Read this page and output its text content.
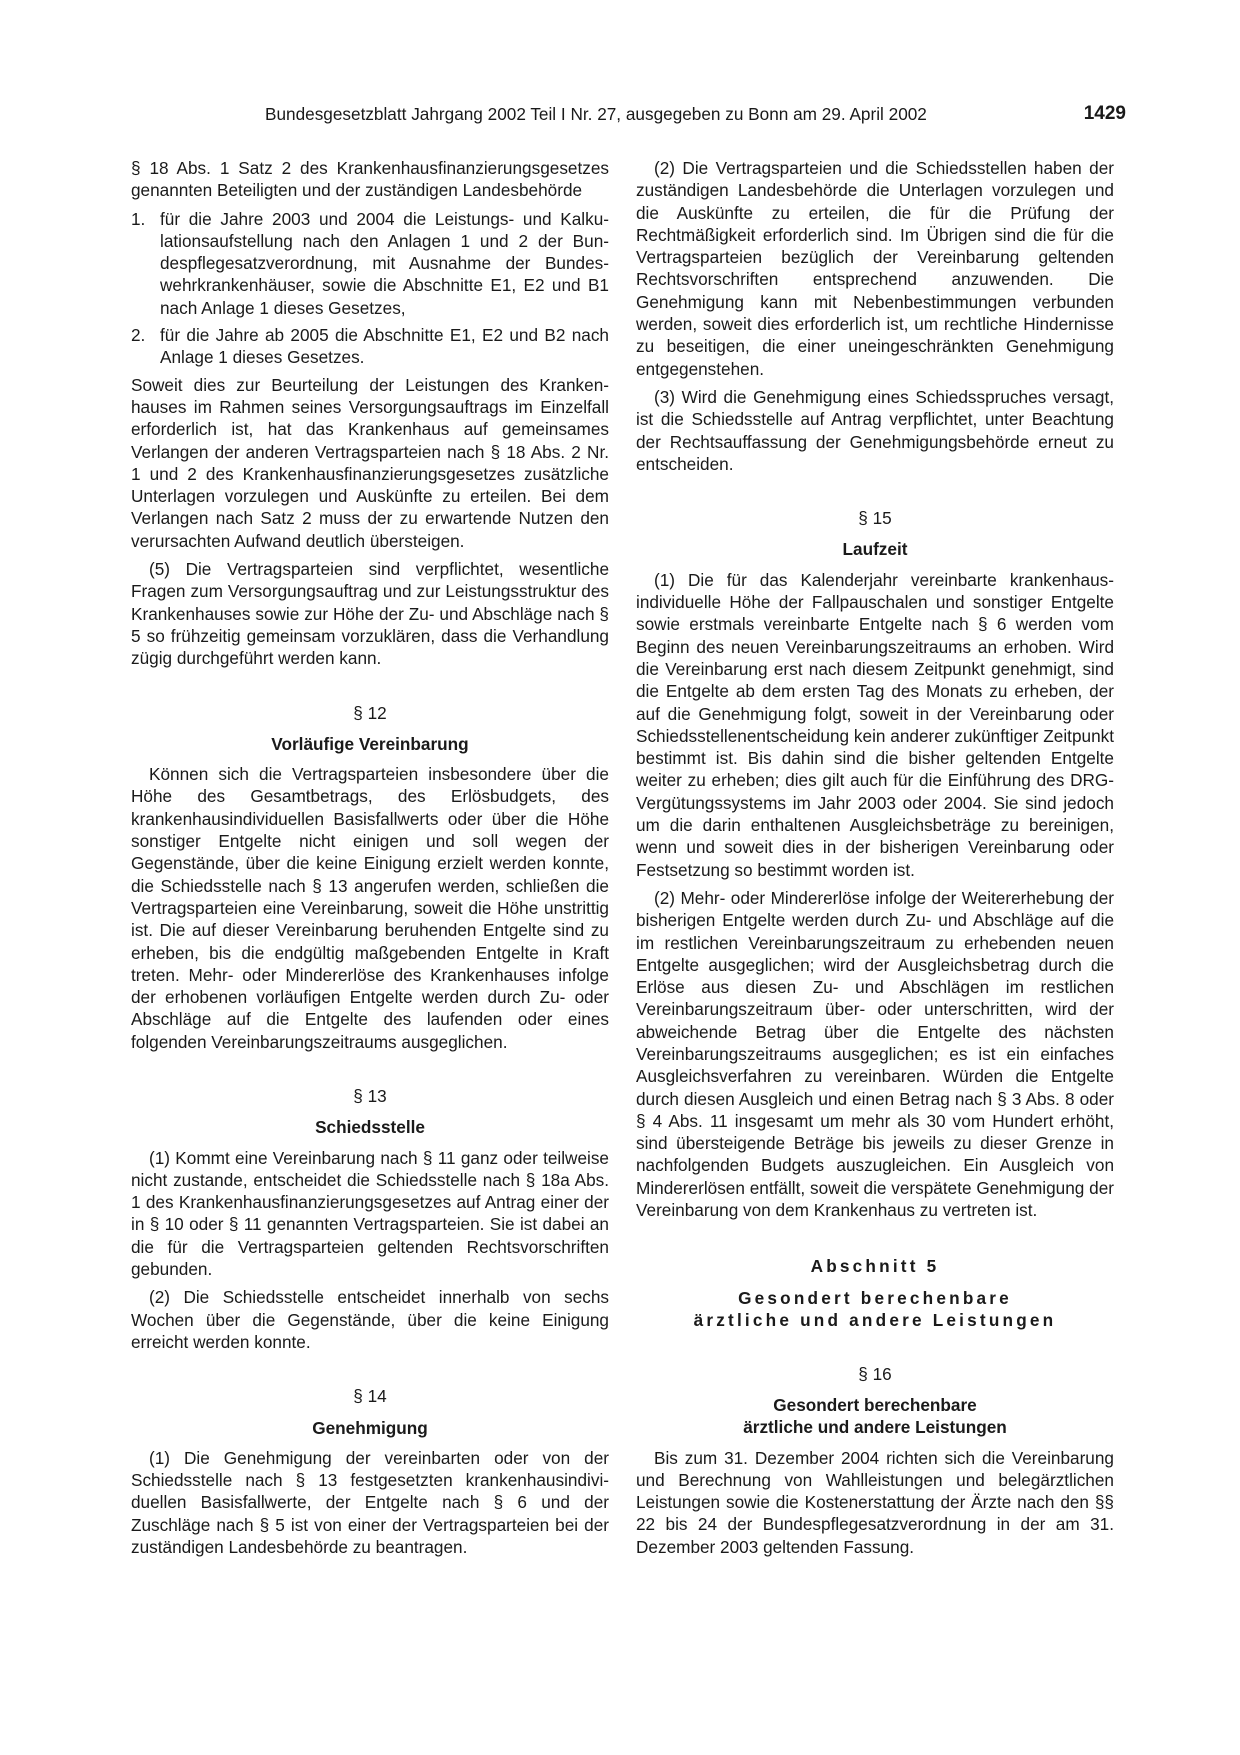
Bundesgesetzblatt Jahrgang 2002 Teil I Nr. 27, ausgegeben zu Bonn am 29. April 2002	1429

§ 18 Abs. 1 Satz 2 des Krankenhausfinanzierungsgesetzes genannten Beteiligten und der zuständigen Landesbehörde

1. für die Jahre 2003 und 2004 die Leistungs- und Kalkulationsaufstellung nach den Anlagen 1 und 2 der Bundespflegesatzverordnung, mit Ausnahme der Bundeswehrkrankenhäuser, sowie die Abschnitte E1, E2 und B1 nach Anlage 1 dieses Gesetzes,
2. für die Jahre ab 2005 die Abschnitte E1, E2 und B2 nach Anlage 1 dieses Gesetzes.

Soweit dies zur Beurteilung der Leistungen des Krankenhauses im Rahmen seines Versorgungsauftrags im Einzelfall erforderlich ist, hat das Krankenhaus auf gemeinsames Verlangen der anderen Vertragsparteien nach § 18 Abs. 2 Nr. 1 und 2 des Krankenhausfinanzierungsgesetzes zusätzliche Unterlagen vorzulegen und Auskünfte zu erteilen. Bei dem Verlangen nach Satz 2 muss der zu erwartende Nutzen den verursachten Aufwand deutlich übersteigen.

(5) Die Vertragsparteien sind verpflichtet, wesentliche Fragen zum Versorgungsauftrag und zur Leistungsstruktur des Krankenhauses sowie zur Höhe der Zu- und Abschläge nach § 5 so frühzeitig gemeinsam vorzuklären, dass die Verhandlung zügig durchgeführt werden kann.

§ 12
Vorläufige Vereinbarung

Können sich die Vertragsparteien insbesondere über die Höhe des Gesamtbetrags, des Erlösbudgets, des krankenhausindividuellen Basisfallwerts oder über die Höhe sonstiger Entgelte nicht einigen und soll wegen der Gegenstände, über die keine Einigung erzielt werden konnte, die Schiedsstelle nach § 13 angerufen werden, schließen die Vertragsparteien eine Vereinbarung, soweit die Höhe unstrittig ist. Die auf dieser Vereinbarung beruhenden Entgelte sind zu erheben, bis die endgültig maßgebenden Entgelte in Kraft treten. Mehr- oder Mindererlöse des Krankenhauses infolge der erhobenen vorläufigen Entgelte werden durch Zu- oder Abschläge auf die Entgelte des laufenden oder eines folgenden Vereinbarungszeitraums ausgeglichen.

§ 13
Schiedsstelle

(1) Kommt eine Vereinbarung nach § 11 ganz oder teilweise nicht zustande, entscheidet die Schiedsstelle nach § 18a Abs. 1 des Krankenhausfinanzierungsgesetzes auf Antrag einer der in § 10 oder § 11 genannten Vertragsparteien. Sie ist dabei an die für die Vertragsparteien geltenden Rechtsvorschriften gebunden.

(2) Die Schiedsstelle entscheidet innerhalb von sechs Wochen über die Gegenstände, über die keine Einigung erreicht werden konnte.

§ 14
Genehmigung

(1) Die Genehmigung der vereinbarten oder von der Schiedsstelle nach § 13 festgesetzten krankenhausindividuellen Basisfallwerte, der Entgelte nach § 6 und der Zuschläge nach § 5 ist von einer der Vertragsparteien bei der zuständigen Landesbehörde zu beantragen.

(2) Die Vertragsparteien und die Schiedsstellen haben der zuständigen Landesbehörde die Unterlagen vorzulegen und die Auskünfte zu erteilen, die für die Prüfung der Rechtmäßigkeit erforderlich sind. Im Übrigen sind die für die Vertragsparteien bezüglich der Vereinbarung geltenden Rechtsvorschriften entsprechend anzuwenden. Die Genehmigung kann mit Nebenbestimmungen verbunden werden, soweit dies erforderlich ist, um rechtliche Hindernisse zu beseitigen, die einer uneingeschränkten Genehmigung entgegenstehen.

(3) Wird die Genehmigung eines Schiedsspruches versagt, ist die Schiedsstelle auf Antrag verpflichtet, unter Beachtung der Rechtsauffassung der Genehmigungsbehörde erneut zu entscheiden.

§ 15
Laufzeit

(1) Die für das Kalenderjahr vereinbarte krankenhausindividuelle Höhe der Fallpauschalen und sonstiger Entgelte sowie erstmals vereinbarte Entgelte nach § 6 werden vom Beginn des neuen Vereinbarungszeitraums an erhoben. Wird die Vereinbarung erst nach diesem Zeitpunkt genehmigt, sind die Entgelte ab dem ersten Tag des Monats zu erheben, der auf die Genehmigung folgt, soweit in der Vereinbarung oder Schiedsstellenentscheidung kein anderer zukünftiger Zeitpunkt bestimmt ist. Bis dahin sind die bisher geltenden Entgelte weiter zu erheben; dies gilt auch für die Einführung des DRG-Vergütungssystems im Jahr 2003 oder 2004. Sie sind jedoch um die darin enthaltenen Ausgleichsbeträge zu bereinigen, wenn und soweit dies in der bisherigen Vereinbarung oder Festsetzung so bestimmt worden ist.

(2) Mehr- oder Mindererlöse infolge der Weitererhebung der bisherigen Entgelte werden durch Zu- und Abschläge auf die im restlichen Vereinbarungszeitraum zu erhebenden neuen Entgelte ausgeglichen; wird der Ausgleichsbetrag durch die Erlöse aus diesen Zu- und Abschlägen im restlichen Vereinbarungszeitraum über- oder unterschritten, wird der abweichende Betrag über die Entgelte des nächsten Vereinbarungszeitraums ausgeglichen; es ist ein einfaches Ausgleichsverfahren zu vereinbaren. Würden die Entgelte durch diesen Ausgleich und einen Betrag nach § 3 Abs. 8 oder § 4 Abs. 11 insgesamt um mehr als 30 vom Hundert erhöht, sind übersteigende Beträge bis jeweils zu dieser Grenze in nachfolgenden Budgets auszugleichen. Ein Ausgleich von Mindererlösen entfällt, soweit die verspätete Genehmigung der Vereinbarung von dem Krankenhaus zu vertreten ist.

Abschnitt 5
Gesondert berechenbare
ärztliche und andere Leistungen
§ 16
Gesondert berechenbare
ärztliche und andere Leistungen

Bis zum 31. Dezember 2004 richten sich die Vereinbarung und Berechnung von Wahlleistungen und belegärztlichen Leistungen sowie die Kostenerstattung der Ärzte nach den §§ 22 bis 24 der Bundespflegesatzverordnung in der am 31. Dezember 2003 geltenden Fassung.
